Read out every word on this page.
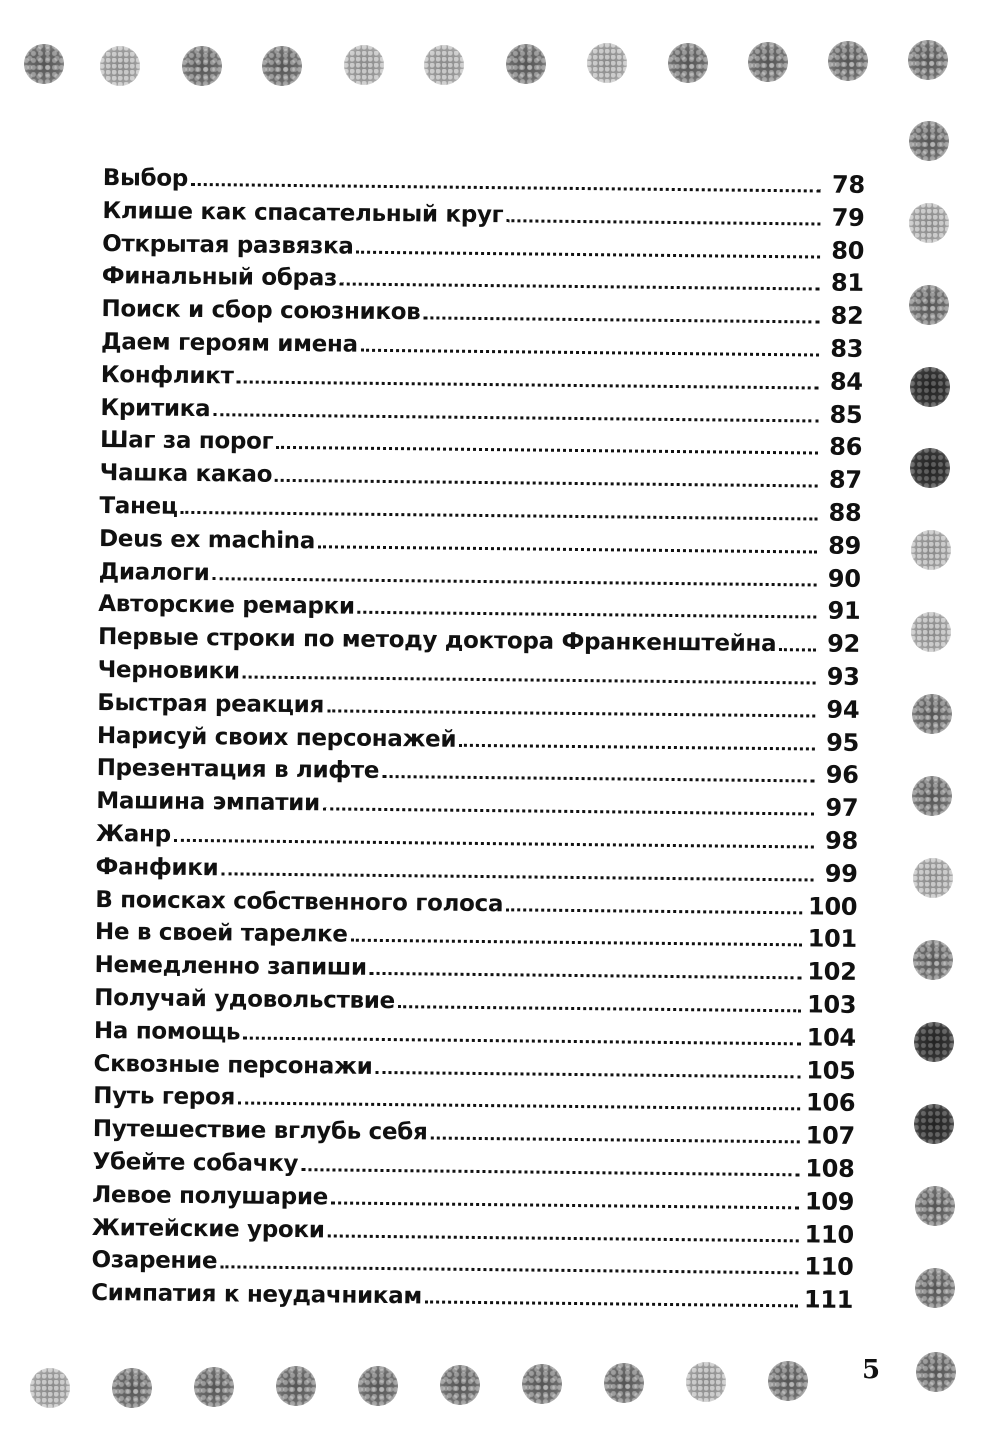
Выбор	78
Клише как спасательный круг	79
Открытая развязка	80
Финальный образ	81
Поиск и сбор союзников	82
Даем героям имена	83
Конфликт	84
Критика	85
Шаг за порог	86
Чашка какао	87
Танец	88
Deus ex machina	89
Диалоги	90
Авторские ремарки	91
Первые строки по методу доктора Франкенштейна 92
Черновики	93
Быстрая реакция	94
Нарисуй своих персонажей	95
Презентация в лифте	96
Машина эмпатии	97
Жанр	98
Фанфики	99
В поисках собственного голоса	100
Не в своей тарелке	101
Немедленно запиши	102
Получай удовольствие	103
На помощь	104
Сквозные персонажи	105
Путь героя	106
Путешествие вглубь себя	107
Убейте собачку	108
Левое полушарие	109
Житейские уроки	110
Озарение	110
Симпатия к неудачникам	111
5
